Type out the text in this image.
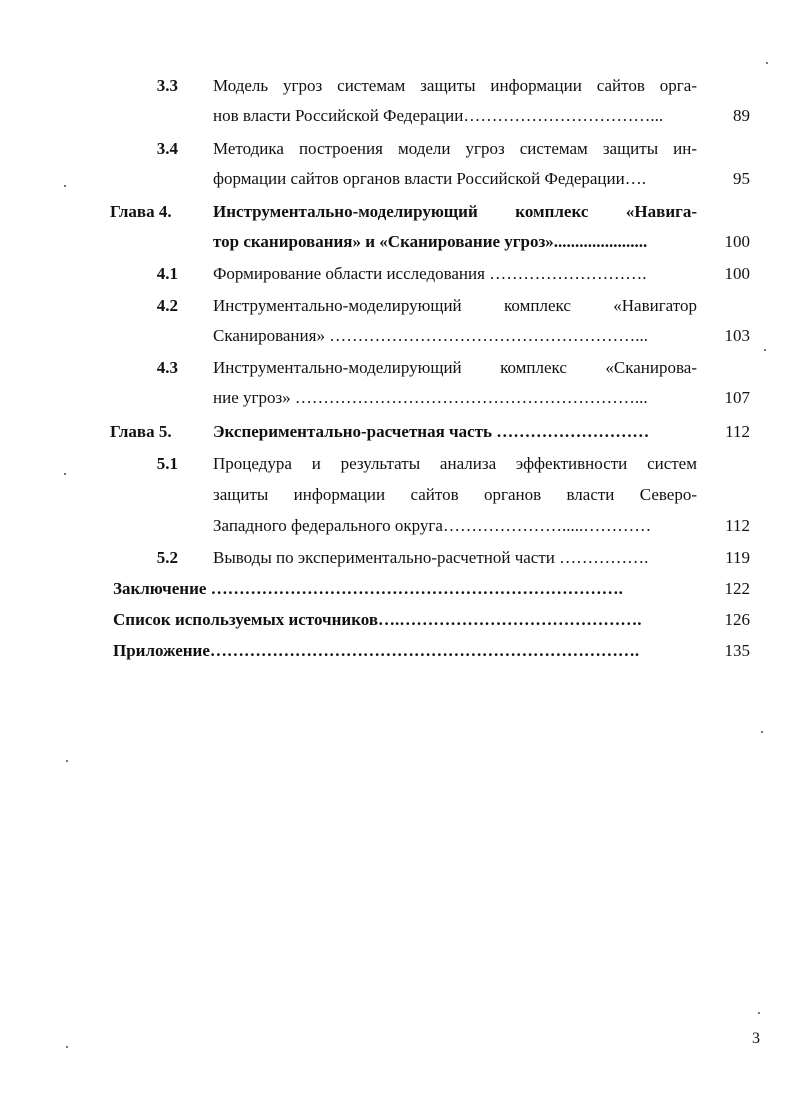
3.3 Модель угроз системам защиты информации сайтов орга-
нов власти Российской Федерации……………………………...	89
3.4 Методика построения модели угроз системам защиты ин-
формации сайтов органов власти Российской Федерации….	95
Глава 4.	Инструментально-моделирующий комплекс «Навига-
тор сканирования» и «Сканирование угроз»......................	100
4.1 Формирование области исследования ……………………….	100
4.2 Инструментально-моделирующий комплекс «Навигатор
Сканирования» ………………………………………………...	103
4.3 Инструментально-моделирующий комплекс «Сканирова-
ние угроз» ……………………………………………………...	107
Глава 5.	Экспериментально-расчетная часть ………………………	112
5.1 Процедура и результаты анализа эффективности систем
защиты информации сайтов органов власти Северо-
Западного федерального округа………………….....…………	112
5.2 Выводы по экспериментально-расчетной части …………….	119
Заключение ……………………………………………………………….	122
Список используемых источников….…………………………………….	126
Приложение………………………………………………………………….	135
3
